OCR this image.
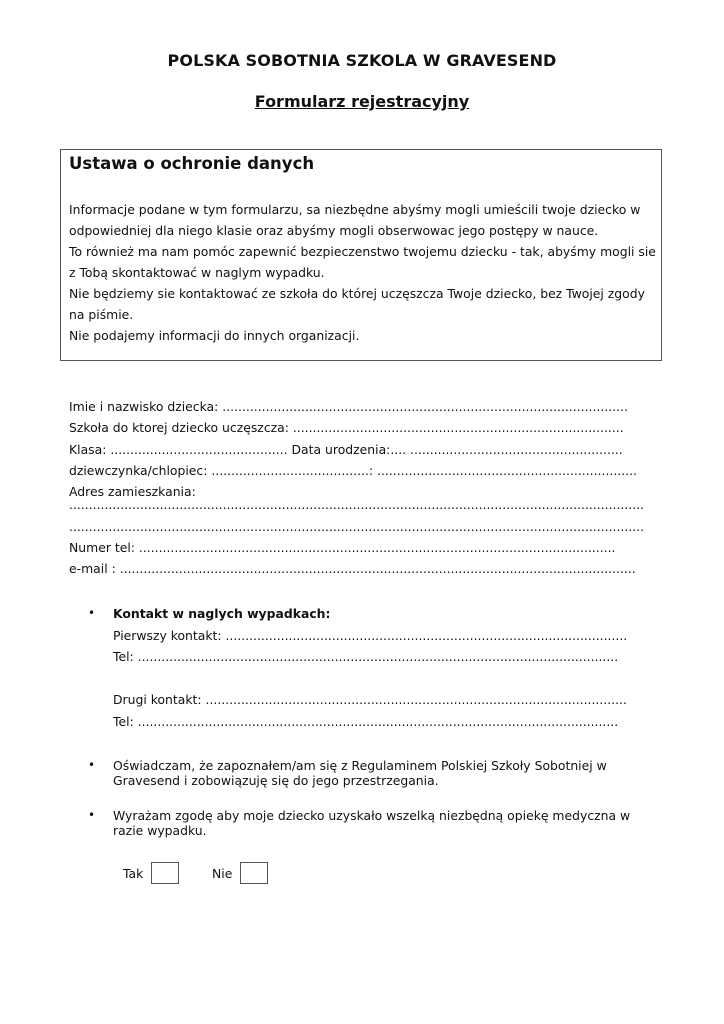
POLSKA SOBOTNIA SZKOLA W GRAVESEND
Formularz rejestracyjny
Ustawa o ochronie danych
Informacje podane w tym formularzu, sa niezbędne abyśmy mogli umieścili twoje dziecko w
odpowiedniej dla niego klasie oraz abyśmy mogli obserwowac jego postępy w nauce.
To również ma nam pomóc zapewnić bezpieczenstwo twojemu dziecku - tak, abyśmy mogli sie
z Tobą skontaktować w naglym wypadku.
Nie będziemy sie kontaktować ze szkoła do której uczęszcza Twoje dziecko, bez Twojej zgody
na piśmie.
Nie podajemy informacji do innych organizacji.
Imie i nazwisko dziecka: .......................................................................................................
Szkoła do ktorej dziecko uczęszcza: ....................................................................................
Klasa: ............................................. Data urodzenia:.... ......................................................
dziewczynka/chlopiec: ........................................: ..................................................................
Adres zamieszkania:
..................................................................................................................................................
..................................................................................................................................................
Numer tel: .........................................................................................................................
e-mail : ...................................................................................................................................
• Kontakt w naglych wypadkach:
Pierwszy kontakt: ......................................................................................................
Tel: ..........................................................................................................................
Drugi kontakt: ...........................................................................................................
Tel: ..........................................................................................................................
• Oświadczam, że zapoznałem/am się z Regulaminem Polskiej Szkoły Sobotniej w Gravesend i zobowiązuję się do jego przestrzegania.

• Wyrażam zgodę aby moje dziecko uzyskało wszelką niezbędną opiekę medyczna w razie wypadku.

Tak	Nie
